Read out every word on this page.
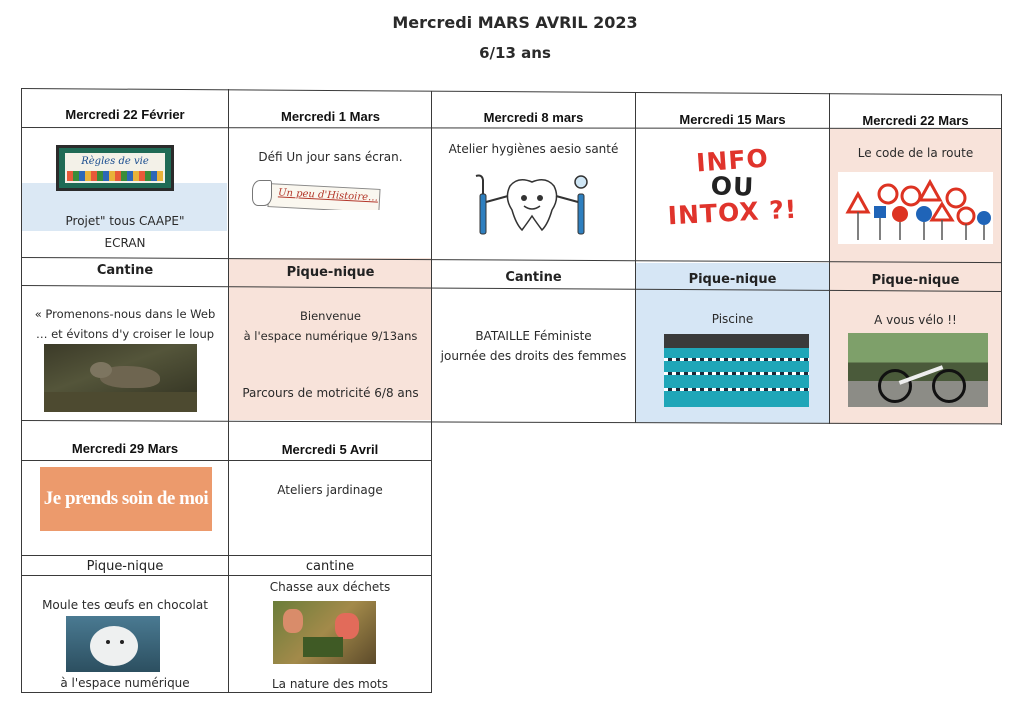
Mercredi MARS AVRIL 2023
6/13 ans
Mercredi 22 Février
Règles de vie
Projet" tous CAAPE"
ECRAN
Cantine
« Promenons-nous dans le Web
… et évitons d'y croiser le loup
Mercredi 1 Mars
Défi Un jour sans écran.
Un peu d'Histoire…
Pique-nique
Bienvenue
à l'espace numérique 9/13ans
Parcours de motricité 6/8 ans
Mercredi 8 mars
Atelier hygiènes aesio santé
Cantine
BATAILLE Féministe
journée des droits des femmes
Mercredi 15 Mars
INFO
OU
INTOX ?!
Pique-nique
Piscine
Mercredi 22 Mars
Le code de la route
Pique-nique
A vous vélo !!
Mercredi 29 Mars
Je prends soin de moi
Pique-nique
Moule tes œufs en chocolat
à l'espace numérique
Mercredi 5 Avril
Ateliers jardinage
cantine
Chasse aux déchets
La nature des mots
